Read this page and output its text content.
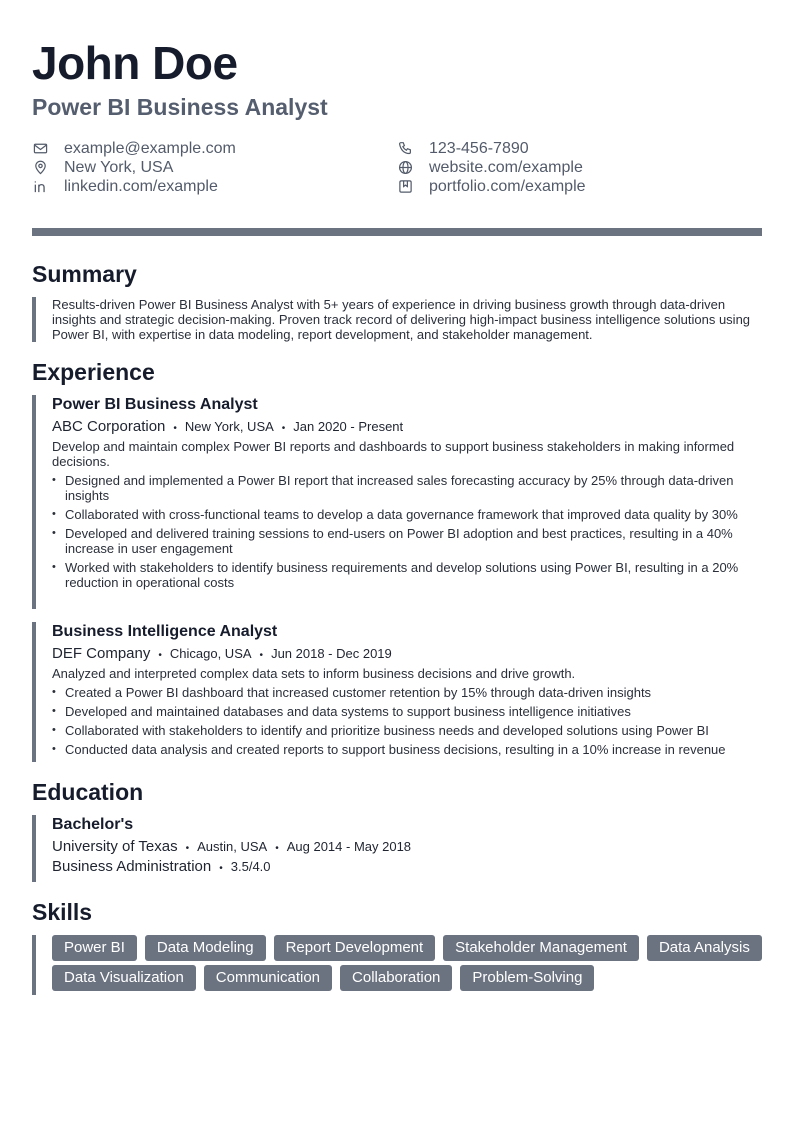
John Doe
Power BI Business Analyst
example@example.com	123-456-7890
New York, USA	website.com/example
linkedin.com/example	portfolio.com/example
Summary
Results-driven Power BI Business Analyst with 5+ years of experience in driving business growth through data-driven insights and strategic decision-making. Proven track record of delivering high-impact business intelligence solutions using Power BI, with expertise in data modeling, report development, and stakeholder management.
Experience
Power BI Business Analyst
ABC Corporation • New York, USA • Jan 2020 - Present
Develop and maintain complex Power BI reports and dashboards to support business stakeholders in making informed decisions.
• Designed and implemented a Power BI report that increased sales forecasting accuracy by 25% through data-driven insights
• Collaborated with cross-functional teams to develop a data governance framework that improved data quality by 30%
• Developed and delivered training sessions to end-users on Power BI adoption and best practices, resulting in a 40% increase in user engagement
• Worked with stakeholders to identify business requirements and develop solutions using Power BI, resulting in a 20% reduction in operational costs
Business Intelligence Analyst
DEF Company • Chicago, USA • Jun 2018 - Dec 2019
Analyzed and interpreted complex data sets to inform business decisions and drive growth.
• Created a Power BI dashboard that increased customer retention by 15% through data-driven insights
• Developed and maintained databases and data systems to support business intelligence initiatives
• Collaborated with stakeholders to identify and prioritize business needs and developed solutions using Power BI
• Conducted data analysis and created reports to support business decisions, resulting in a 10% increase in revenue
Education
Bachelor's
University of Texas • Austin, USA • Aug 2014 - May 2018
Business Administration • 3.5/4.0
Skills
Power BI	Data Modeling	Report Development	Stakeholder Management	Data Analysis
Data Visualization	Communication	Collaboration	Problem-Solving
